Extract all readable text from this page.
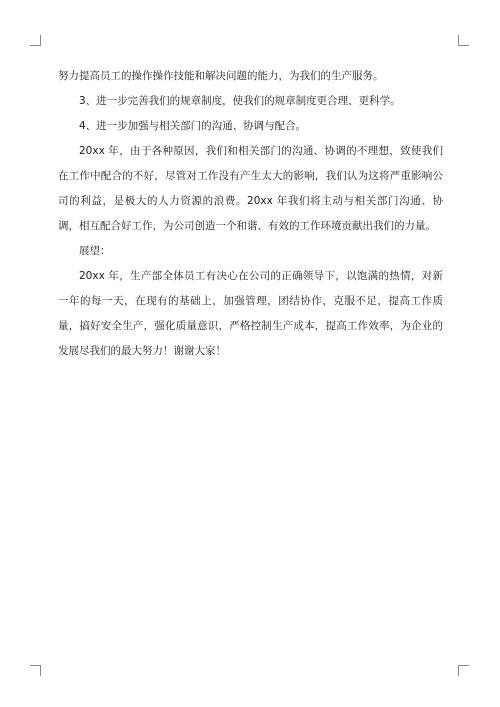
努力提高员工的操作操作技能和解决问题的能力，为我们的生产服务。

3、进一步完善我们的规章制度，使我们的规章制度更合理、更科学。

4、进一步加强与相关部门的沟通、协调与配合。

20xx 年，由于各种原因，我们和相关部门的沟通、协调的不理想，致使我们在工作中配合的不好，尽管对工作没有产生太大的影响，我们认为这将严重影响公司的利益，是极大的人力资源的浪费。20xx 年我们将主动与相关部门沟通、协调，相互配合好工作，为公司创造一个和谐、有效的工作环境贡献出我们的力量。

展望：

20xx 年，生产部全体员工有决心在公司的正确领导下，以饱满的热情，对新一年的每一天，在现有的基础上，加强管理，团结协作，克服不足，提高工作质量，搞好安全生产，强化质量意识，严格控制生产成本，提高工作效率，为企业的发展尽我们的最大努力！谢谢大家！
